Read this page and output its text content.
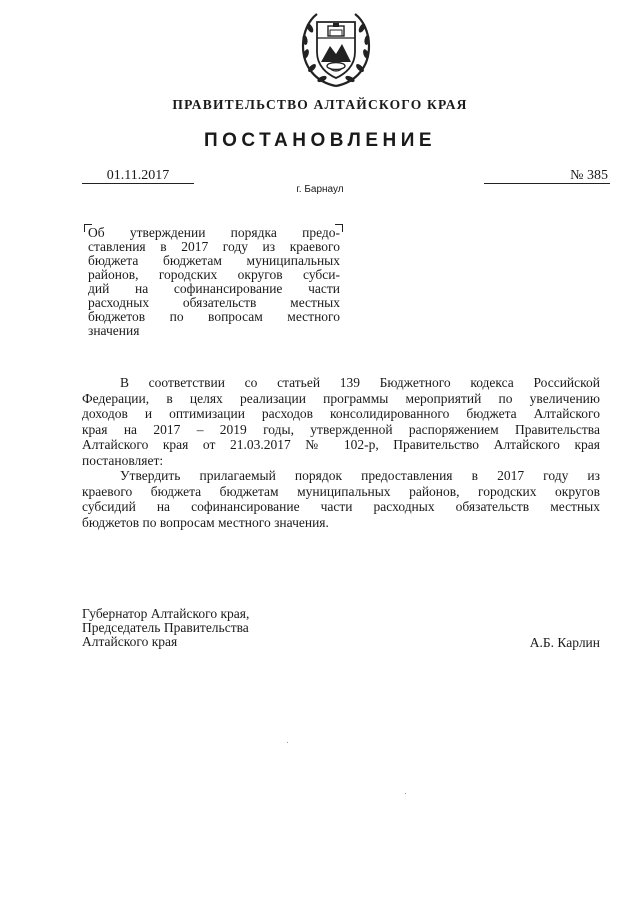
ПРАВИТЕЛЬСТВО АЛТАЙСКОГО КРАЯ
ПОСТАНОВЛЕНИЕ
01.11.2017	№ 385
г. Барнаул
Об утверждении порядка предо-
ставления в 2017 году из краевого
бюджета бюджетам муниципальных
районов, городских округов субси-
дий на софинансирование части
расходных обязательств местных
бюджетов по вопросам местного
значения
В соответствии со статьей 139 Бюджетного кодекса Российской
Федерации, в целях реализации программы мероприятий по увеличению
доходов и оптимизации расходов консолидированного бюджета Алтайского
края на 2017 – 2019 годы, утвержденной распоряжением Правительства
Алтайского края от 21.03.2017 № 102-р, Правительство Алтайского края
постановляет:
Утвердить прилагаемый порядок предоставления в 2017 году из
краевого бюджета бюджетам муниципальных районов, городских округов
субсидий на софинансирование части расходных обязательств местных
бюджетов по вопросам местного значения.
Губернатор Алтайского края,
Председатель Правительства
Алтайского края	А.Б. Карлин
